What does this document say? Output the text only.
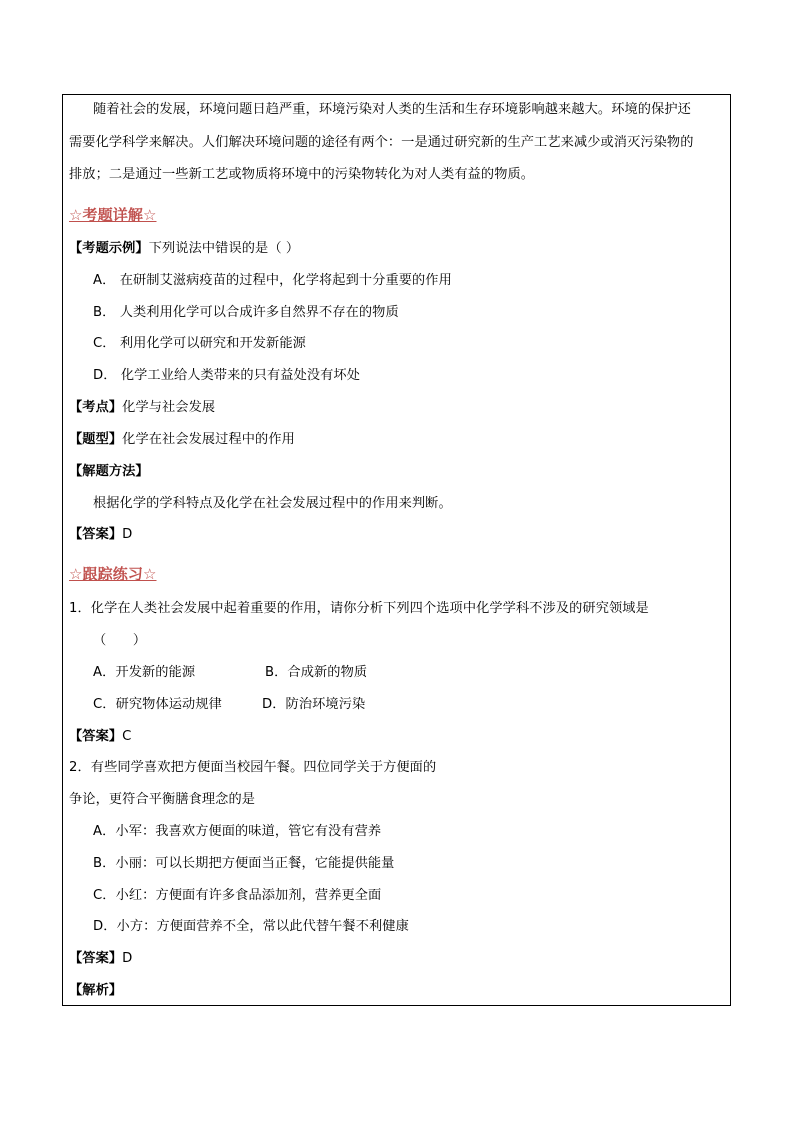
随着社会的发展，环境问题日趋严重，环境污染对人类的生活和生存环境影响越来越大。环境的保护还
需要化学科学来解决。人们解决环境问题的途径有两个：一是通过研究新的生产工艺来减少或消灭污染物的
排放；二是通过一些新工艺或物质将环境中的污染物转化为对人类有益的物质。
☆考题详解☆
【考题示例】下列说法中错误的是（ ）
A． 在研制艾滋病疫苗的过程中，化学将起到十分重要的作用
B． 人类利用化学可以合成许多自然界不存在的物质
C． 利用化学可以研究和开发新能源
D． 化学工业给人类带来的只有益处没有坏处
【考点】化学与社会发展
【题型】化学在社会发展过程中的作用
【解题方法】
根据化学的学科特点及化学在社会发展过程中的作用来判断。
【答案】D
☆跟踪练习☆
1．化学在人类社会发展中起着重要的作用，请你分析下列四个选项中化学学科不涉及的研究领域是
（　　）
A．开发新的能源	B．合成新的物质
C．研究物体运动规律	D．防治环境污染
【答案】C
2．有些同学喜欢把方便面当校园午餐。四位同学关于方便面的
争论，更符合平衡膳食理念的是
A．小军：我喜欢方便面的味道，管它有没有营养
B．小丽：可以长期把方便面当正餐，它能提供能量
C．小红：方便面有许多食品添加剂，营养更全面
D．小方：方便面营养不全，常以此代替午餐不利健康
【答案】D
【解析】
